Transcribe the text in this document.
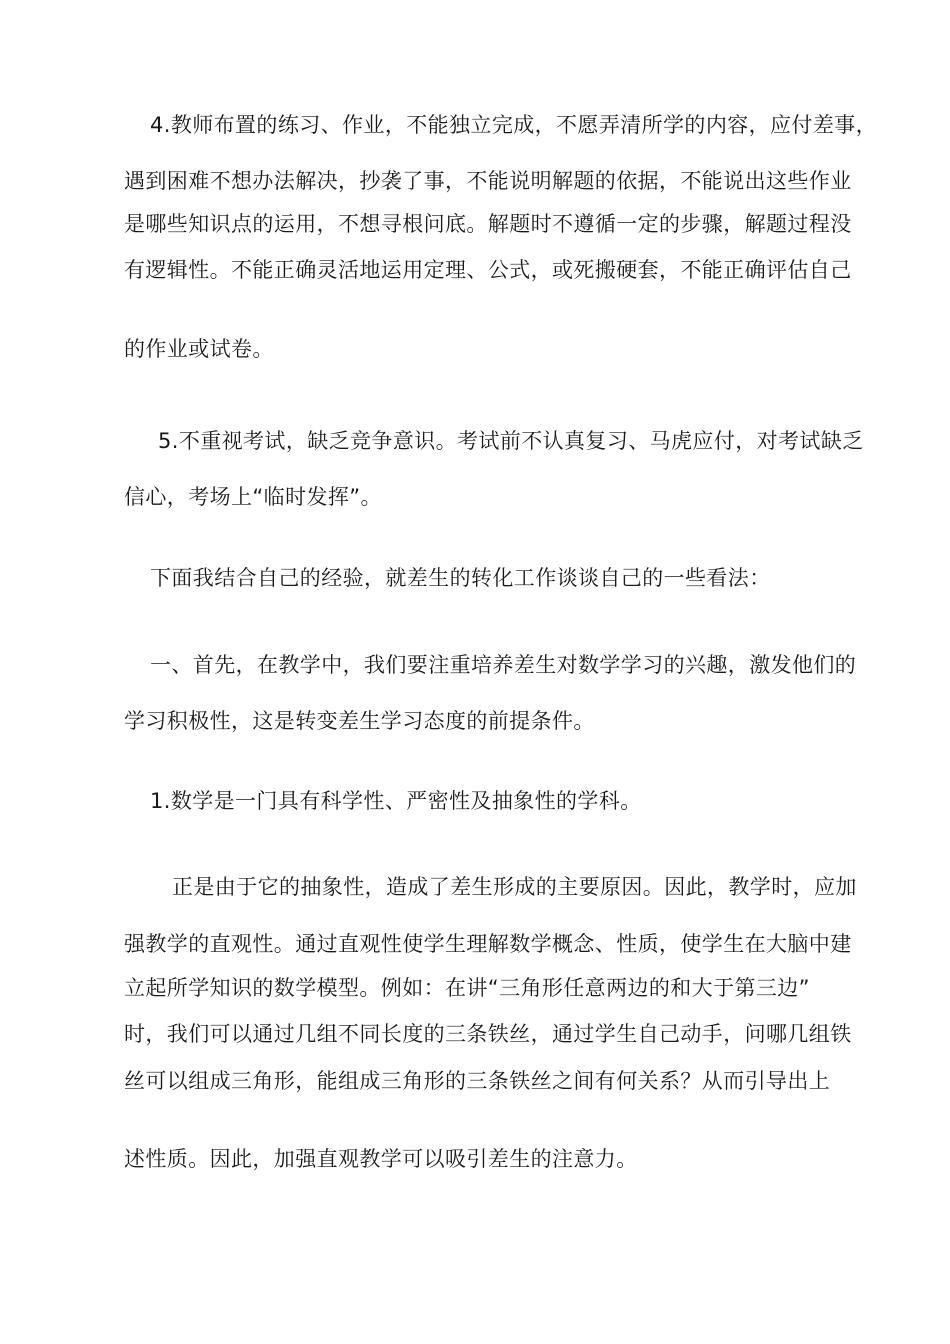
4.教师布置的练习、作业，不能独立完成，不愿弄清所学的内容，应付差事，
遇到困难不想办法解决，抄袭了事，不能说明解题的依据，不能说出这些作业
是哪些知识点的运用，不想寻根问底。解题时不遵循一定的步骤，解题过程没
有逻辑性。不能正确灵活地运用定理、公式，或死搬硬套，不能正确评估自己
的作业或试卷。
5.不重视考试，缺乏竞争意识。考试前不认真复习、马虎应付，对考试缺乏
信心，考场上“临时发挥”。
下面我结合自己的经验，就差生的转化工作谈谈自己的一些看法：
一、首先，在教学中，我们要注重培养差生对数学学习的兴趣，激发他们的
学习积极性，这是转变差生学习态度的前提条件。
1.数学是一门具有科学性、严密性及抽象性的学科。
正是由于它的抽象性，造成了差生形成的主要原因。因此，教学时，应加
强教学的直观性。通过直观性使学生理解数学概念、性质，使学生在大脑中建
立起所学知识的数学模型。例如：在讲“三角形任意两边的和大于第三边”
时，我们可以通过几组不同长度的三条铁丝，通过学生自己动手，问哪几组铁
丝可以组成三角形，能组成三角形的三条铁丝之间有何关系？从而引导出上
述性质。因此，加强直观教学可以吸引差生的注意力。
